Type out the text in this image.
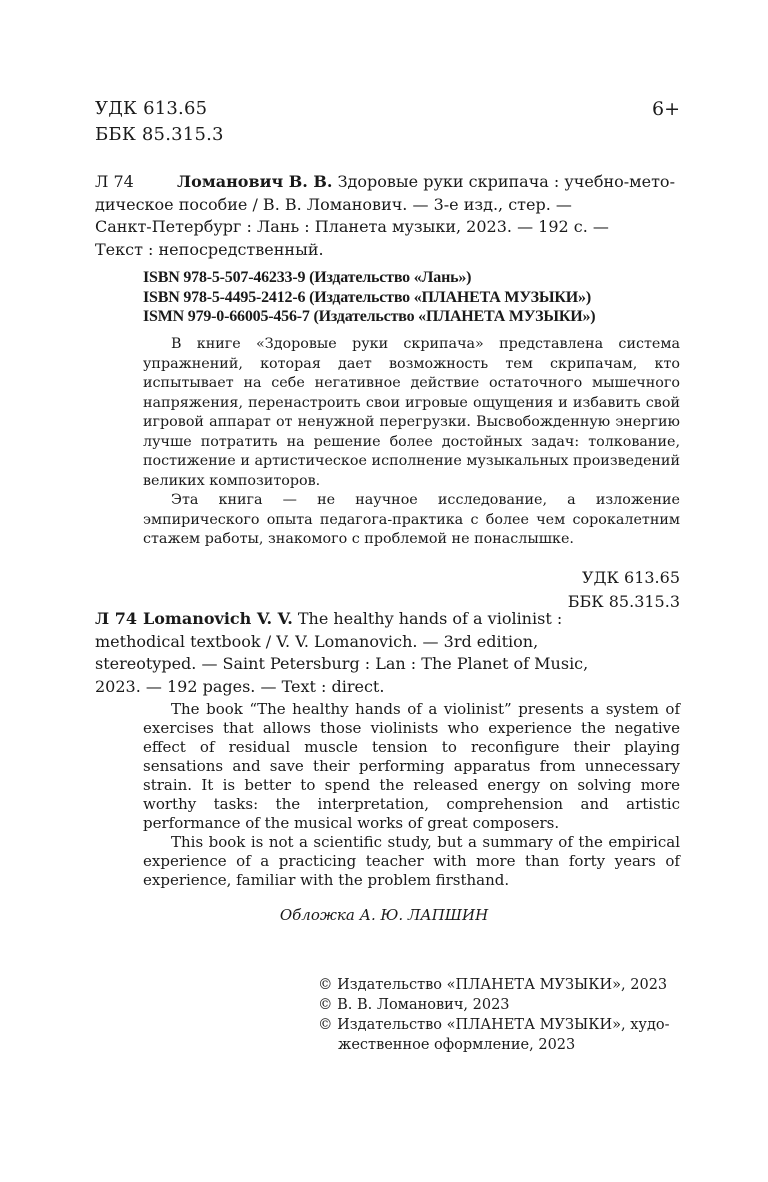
УДК 613.65
ББК 85.315.3
6+
Л 74	Ломанович В. В. Здоровые руки скрипача : учебно-мето-
дическое пособие / В. В. Ломанович. — 3-е изд., стер. —
Санкт-Петербург : Лань : Планета музыки, 2023. — 192 с. —
Текст : непосредственный.
ISBN 978-5-507-46233-9 (Издательство «Лань»)
ISBN 978-5-4495-2412-6 (Издательство «ПЛАНЕТА МУЗЫКИ»)
ISMN 979-0-66005-456-7 (Издательство «ПЛАНЕТА МУЗЫКИ»)

В книге «Здоровые руки скрипача» представлена система упражнений, которая дает возможность тем скрипачам, кто испытывает на себе негативное действие остаточного мышечного напряжения, перенастроить свои игровые ощущения и избавить свой игровой аппарат от ненужной перегрузки. Высвобожденную энергию лучше потратить на решение более достойных задач: толкование, постижение и артистическое исполнение музыкальных произведений великих композиторов.

Эта книга — не научное исследование, а изложение эмпирического опыта педагога-практика с более чем сорокалетним стажем работы, знакомого с проблемой не понаслышке.

УДК 613.65
ББК 85.315.3
Л 74 Lomanovich V. V. The healthy hands of a violinist :
methodical textbook / V. V. Lomanovich. — 3rd edition,
stereotyped. — Saint Petersburg : Lan : The Planet of Music,
2023. — 192 pages. — Text : direct.

The book “The healthy hands of a violinist” presents a system of exercises that allows those violinists who experience the negative effect of residual muscle tension to reconfigure their playing sensations and save their performing apparatus from unnecessary strain. It is better to spend the released energy on solving more worthy tasks: the interpretation, comprehension and artistic performance of the musical works of great composers.

This book is not a scientific study, but a summary of the empirical experience of a practicing teacher with more than forty years of experience, familiar with the problem firsthand.

Обложка А. Ю. ЛАПШИН
© Издательство «ПЛАНЕТА МУЗЫКИ», 2023
© В. В. Ломанович, 2023
© Издательство «ПЛАНЕТА МУЗЫКИ», худо-
жественное оформление, 2023
